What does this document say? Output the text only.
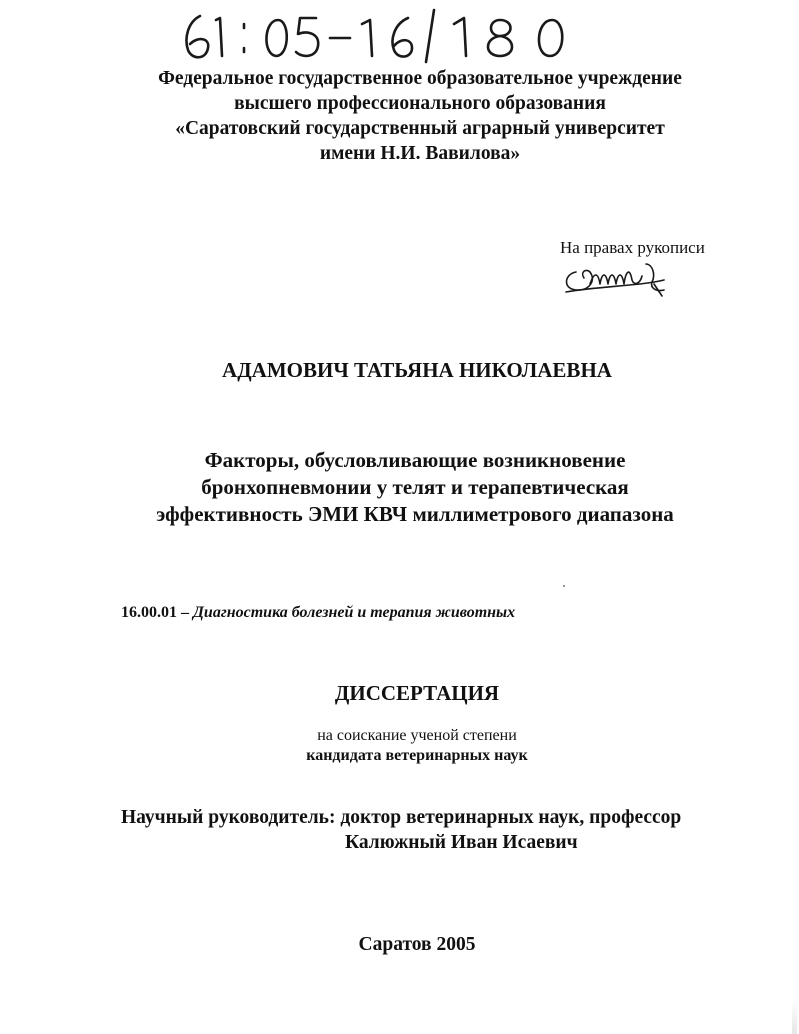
Федеральное государственное образовательное учреждение
высшего профессионального образования
«Саратовский государственный аграрный университет
имени Н.И. Вавилова»
На правах рукописи
АДАМОВИЧ ТАТЬЯНА НИКОЛАЕВНА
Факторы, обусловливающие возникновение
бронхопневмонии у телят и терапевтическая
эффективность ЭМИ КВЧ миллиметрового диапазона
16.00.01 – Диагностика болезней и терапия животных
ДИССЕРТАЦИЯ
на соискание ученой степени
кандидата ветеринарных наук
Научный руководитель: доктор ветеринарных наук, профессор
Калюжный Иван Исаевич
Саратов 2005
